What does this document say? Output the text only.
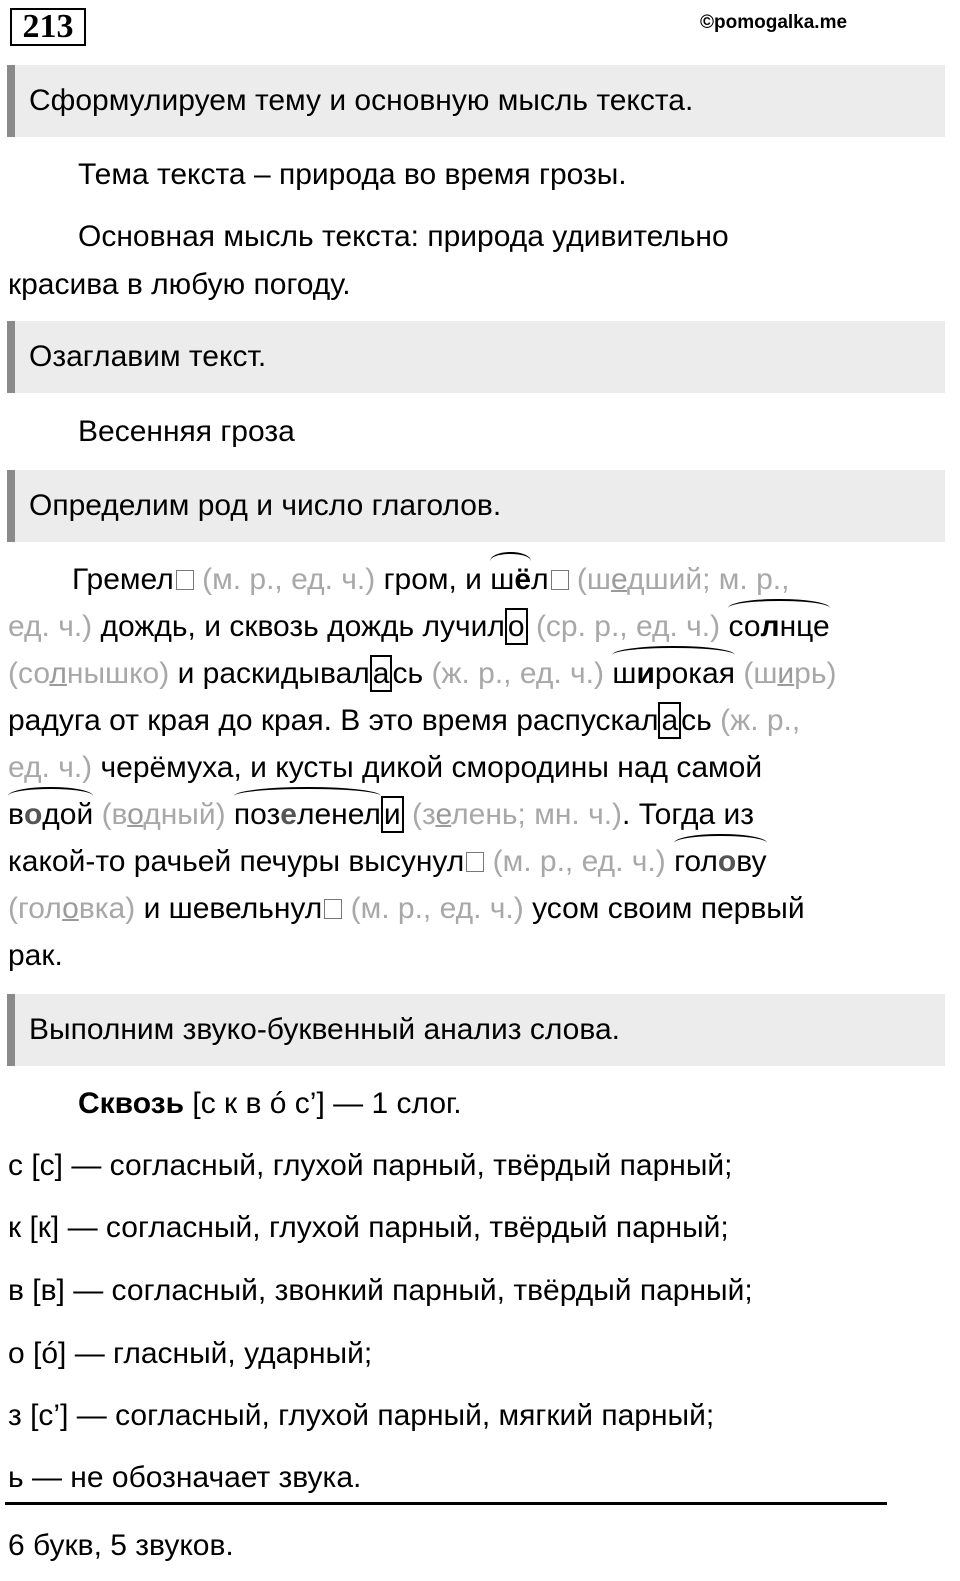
213	©pomogalka.me
Сформулируем тему и основную мысль текста.
Тема текста – природа во время грозы.
Основная мысль текста: природа удивительно
красива в любую погоду.
Озаглавим текст.
Весенняя гроза
Определим род и число глаголов.
Гремел (м. р., ед. ч.) гром, и шёл (шедший; м. р.,
ед. ч.) дождь, и сквозь дождь лучил о (ср. р., ед. ч.) солнце
(солнышко) и раскидывал а сь (ж. р., ед. ч.) широкая (ширь)
радуга от края до края. В это время распускал а сь (ж. р.,
ед. ч.) черёмуха, и кусты дикой смородины над самой
водой (водный) позеленел и (зелень; мн. ч.). Тогда из
какой-то рачьей печуры высунул (м. р., ед. ч.) голову
(головка) и шевельнул (м. р., ед. ч.) усом своим первый
рак.
Выполним звуко-буквенный анализ слова.
Сквозь [с к в ó с’] — 1 слог.
с [с] — согласный, глухой парный, твёрдый парный;
к [к] — согласный, глухой парный, твёрдый парный;
в [в] — согласный, звонкий парный, твёрдый парный;
о [ó] — гласный, ударный;
з [с’] — согласный, глухой парный, мягкий парный;
ь — не обозначает звука.
6 букв, 5 звуков.
